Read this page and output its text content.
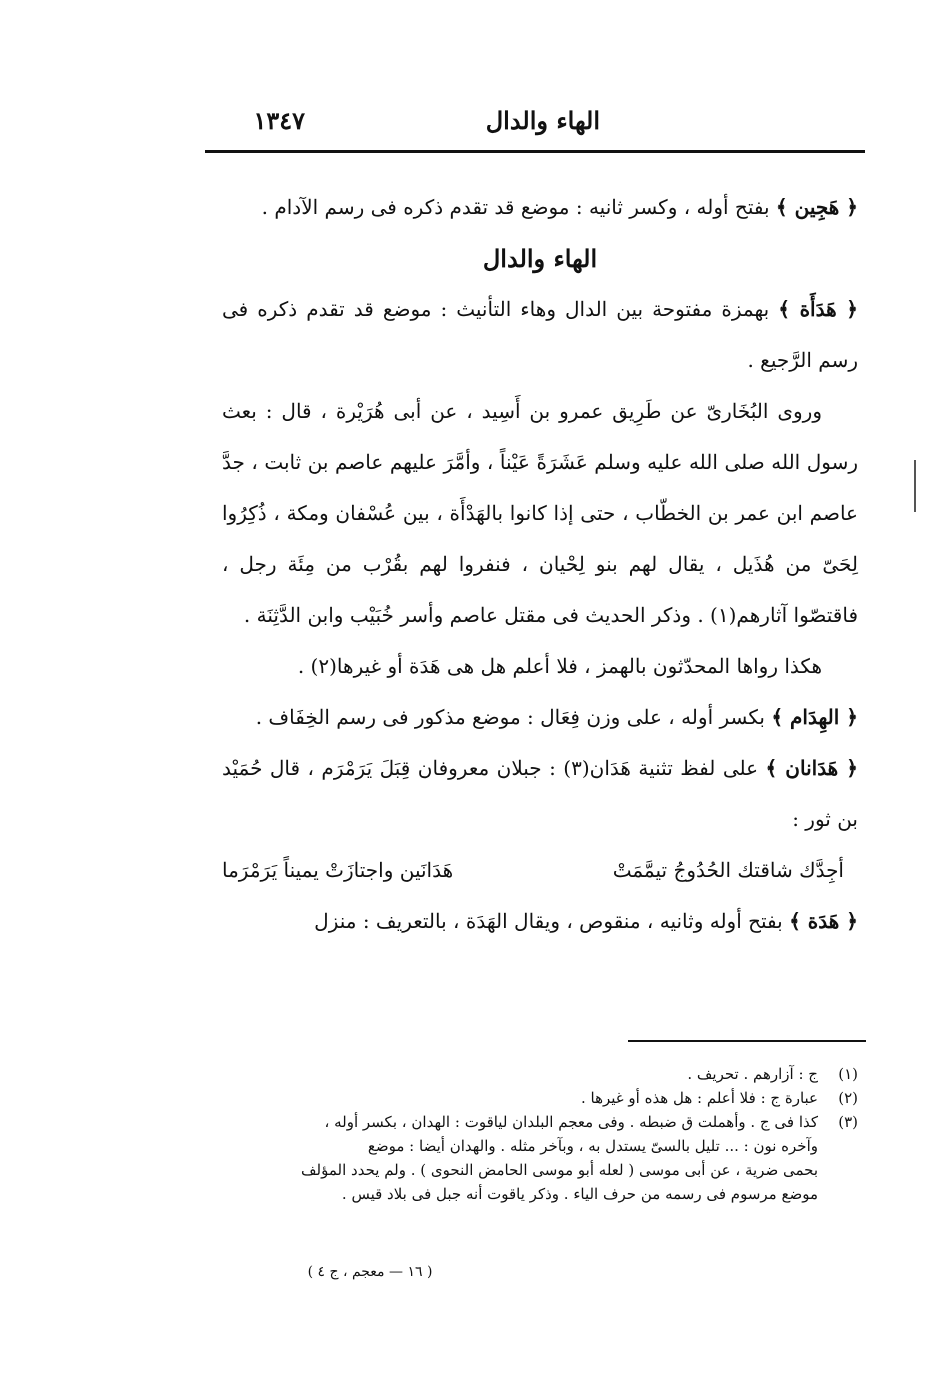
الهاء والدال
١٣٤٧

﴿ هَجِين ﴾ بفتح أوله ، وكسر ثانيه : موضع قد تقدم ذكره فى رسم الآدام .

الهاء والدال

﴿ هَدَأَة ﴾ بهمزة مفتوحة بين الدال وهاء التأنيث : موضع قد تقدم ذكره فى رسم الرَّجيع .

وروى البُخَارىّ عن طَرِيق عمرو بن أَسِيد ، عن أبى هُرَيْرة ، قال : بعث رسول الله صلى الله عليه وسلم عَشَرَةً عَيْناً ، وأمَّرَ عليهم عاصم بن ثابت ، جدَّ عاصم ابن عمر بن الخطّاب ، حتى إذا كانوا بالهَدْأَة ، بين عُسْفان ومكة ، ذُكِرُوا لِحَىّ من هُذَيل ، يقال لهم بنو لِحْيان ، فنفروا لهم بقُرْب من مِئَة رجل ، فاقتصّوا آثارهم(١) . وذكر الحديث فى مقتل عاصم وأسر خُبَيْب وابن الدَّثِنَة .

هكذا رواها المحدّثون بالهمز ، فلا أعلم هل هى هَدَة أو غيرها(٢) .

﴿ الهِدَام ﴾ بكسر أوله ، على وزن فِعَال : موضع مذكور فى رسم الخِفَاف .

﴿ هَدَانان ﴾ على لفظ تثنية هَدَان(٣) : جبلان معروفان قِبَلَ يَرَمْرَم ، قال حُمَيْد بن ثور :

أجِدَّك شاقتك الحُدُوجُ تيمَّمَتْ
هَدَانَين واجتازَتْ يميناً يَرَمْرَما

﴿ هَدَة ﴾ بفتح أوله وثانيه ، منقوص ، ويقال الهَدَة ، بالتعريف : منزل

(١)
ج : آزارهم . تحريف .
(٢)
عبارة ج : فلا أعلم : هل هذه أو غيرها .
(٣)
كذا فى ج . وأهملت ق ضبطه . وفى معجم البلدان لياقوت : الهدان ، بكسر أوله ،
وآخره نون : ... تليل بالسىّ يستدل به ، وبآخر مثله . والهدان أيضا : موضع
بحمى ضرية ، عن أبى موسى ( لعله أبو موسى الحامض النحوى ) . ولم يحدد المؤلف
موضع مرسوم فى رسمه من حرف الياء . وذكر ياقوت أنه جبل فى بلاد قيس .
( ١٦ — معجم ، ج ٤ )
